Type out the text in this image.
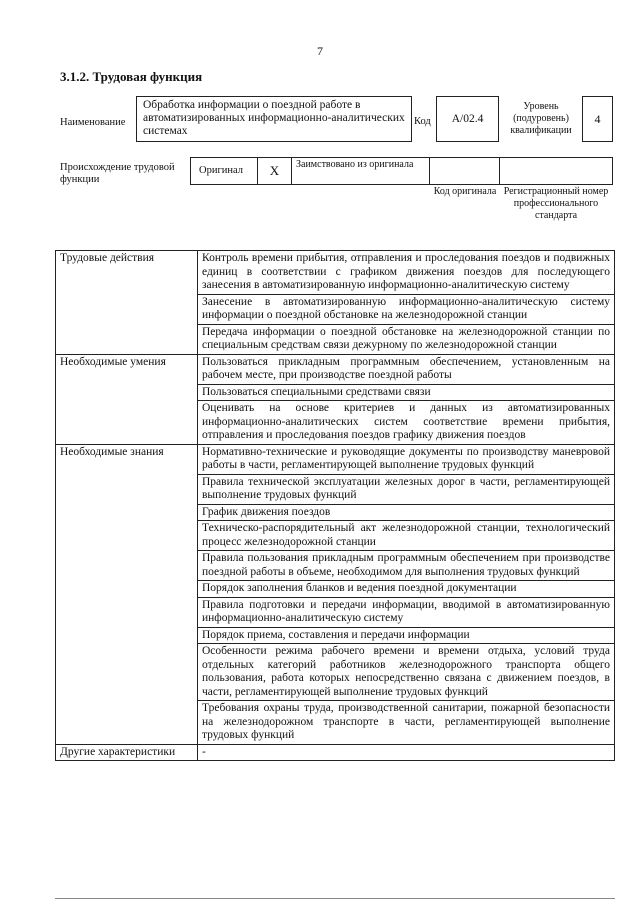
7
3.1.2. Трудовая функция
Наименование
Обработка информации о поездной работе в автоматизированных информационно-аналитических системах
Код	А/02.4
Уровень (подуровень) квалификации
4
Происхождение трудовой функции
Оригинал	X	Заимствовано из оригинала
Код оригинала Регистрационный номер профессионального стандарта
Трудовые действия	Контроль времени прибытия, отправления и проследования поездов и подвижных единиц в соответствии с графиком движения поездов для последующего занесения в автоматизированную информационно-аналитическую систему
	Занесение в автоматизированную информационно-аналитическую систему информации о поездной обстановке на железнодорожной станции
	Передача информации о поездной обстановке на железнодорожной станции по специальным средствам связи дежурному по железнодорожной станции
Необходимые умения	Пользоваться прикладным программным обеспечением, установленным на рабочем месте, при производстве поездной работы
	Пользоваться специальными средствами связи
	Оценивать на основе критериев и данных из автоматизированных информационно-аналитических систем соответствие времени прибытия, отправления и проследования поездов графику движения поездов
Необходимые знания	Нормативно-технические и руководящие документы по производству маневровой работы в части, регламентирующей выполнение трудовых функций
	Правила технической эксплуатации железных дорог в части, регламентирующей выполнение трудовых функций
	График движения поездов
	Техническо-распорядительный акт железнодорожной станции, технологический процесс железнодорожной станции
	Правила пользования прикладным программным обеспечением при производстве поездной работы в объеме, необходимом для выполнения трудовых функций
	Порядок заполнения бланков и ведения поездной документации
	Правила подготовки и передачи информации, вводимой в автоматизированную информационно-аналитическую систему
	Порядок приема, составления и передачи информации
	Особенности режима рабочего времени и времени отдыха, условий труда отдельных категорий работников железнодорожного транспорта общего пользования, работа которых непосредственно связана с движением поездов, в части, регламентирующей выполнение трудовых функций
	Требования охраны труда, производственной санитарии, пожарной безопасности на железнодорожном транспорте в части, регламентирующей выполнение трудовых функций
Другие характеристики	-
